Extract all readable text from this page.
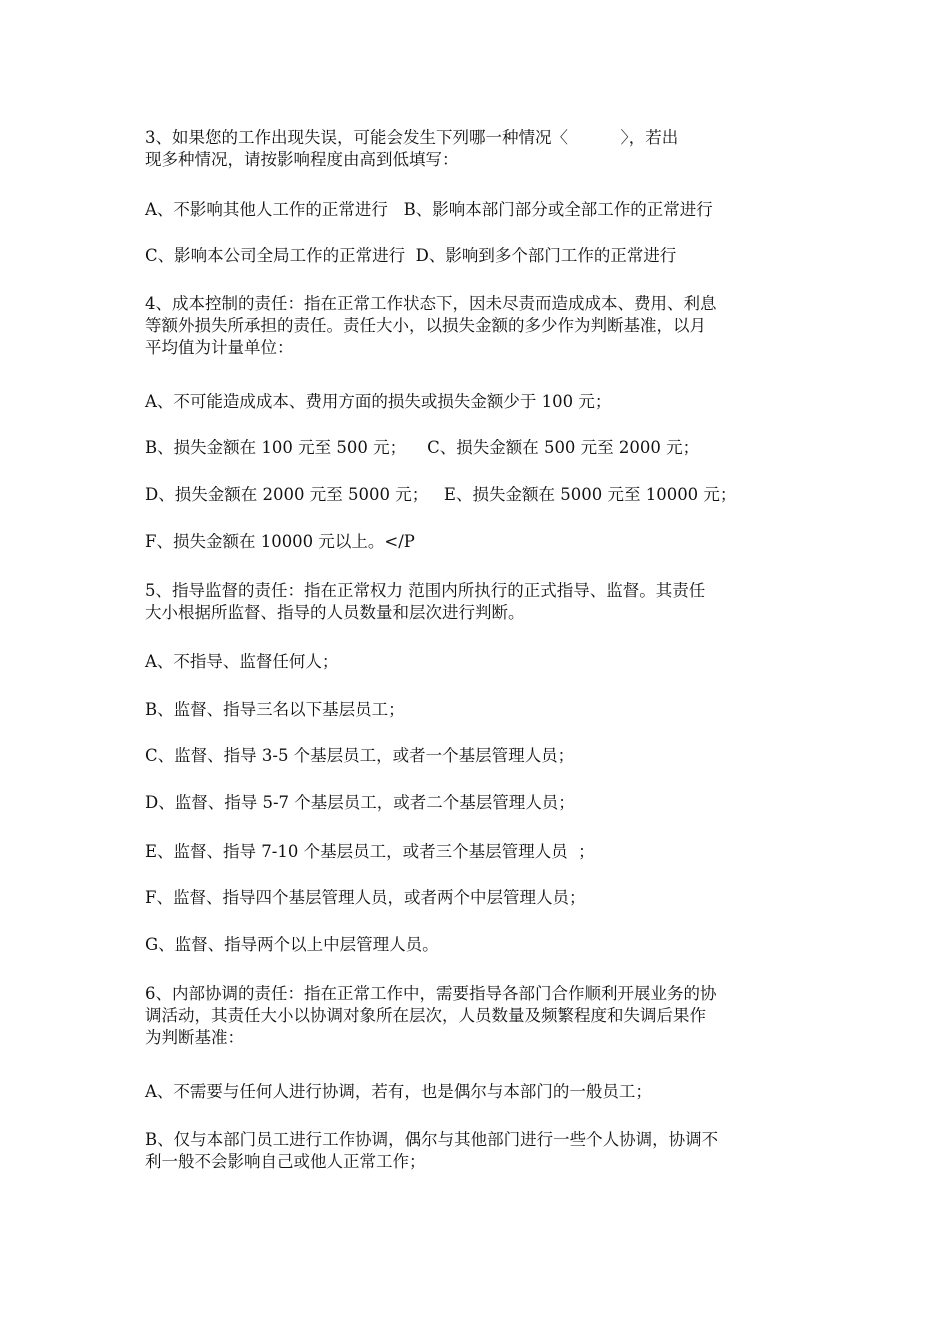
3、如果您的工作出现失误，可能会发生下列哪一种情况〈          〉，若出
现多种情况，请按影响程度由高到低填写：
A、不影响其他人工作的正常进行   B、影响本部门部分或全部工作的正常进行
C、影响本公司全局工作的正常进行  D、影响到多个部门工作的正常进行
4、成本控制的责任：指在正常工作状态下，因未尽责而造成成本、费用、利息
等额外损失所承担的责任。责任大小，以损失金额的多少作为判断基准，以月
平均值为计量单位：
A、不可能造成成本、费用方面的损失或损失金额少于 100 元；
B、损失金额在 100 元至 500 元；    C、损失金额在 500 元至 2000 元；
D、损失金额在 2000 元至 5000 元；   E、损失金额在 5000 元至 10000 元；
F、损失金额在 10000 元以上。</P
5、指导监督的责任：指在正常权力 范围内所执行的正式指导、监督。其责任
大小根据所监督、指导的人员数量和层次进行判断。
A、不指导、监督任何人；
B、监督、指导三名以下基层员工；
C、监督、指导 3-5 个基层员工，或者一个基层管理人员；
D、监督、指导 5-7 个基层员工，或者二个基层管理人员；
E、监督、指导 7-10 个基层员工，或者三个基层管理人员  ；
F、监督、指导四个基层管理人员，或者两个中层管理人员；
G、监督、指导两个以上中层管理人员。
6、内部协调的责任：指在正常工作中，需要指导各部门合作顺利开展业务的协
调活动，其责任大小以协调对象所在层次，人员数量及频繁程度和失调后果作
为判断基准：
A、不需要与任何人进行协调，若有，也是偶尔与本部门的一般员工；
B、仅与本部门员工进行工作协调，偶尔与其他部门进行一些个人协调，协调不
利一般不会影响自己或他人正常工作；
